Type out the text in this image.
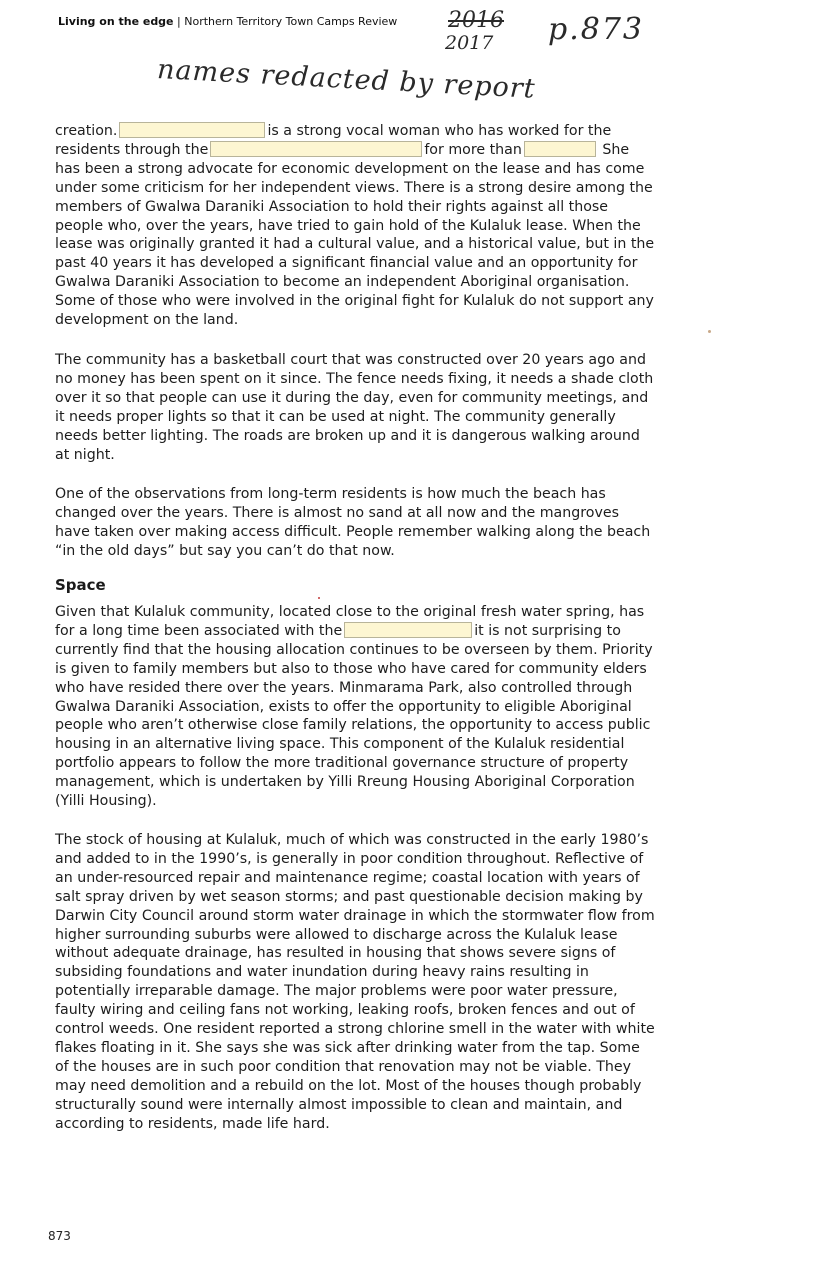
Living on the edge | Northern Territory Town Camps Review 2016
2017 p.873
names redacted by report

creation.	is a strong vocal woman who has worked for the residents through the	for more than	She has been a strong advocate for economic development on the lease and has come under some criticism for her independent views. There is a strong desire among the members of Gwalwa Daraniki Association to hold their rights against all those people who, over the years, have tried to gain hold of the Kulaluk lease. When the lease was originally granted it had a cultural value, and a historical value, but in the past 40 years it has developed a significant financial value and an opportunity for Gwalwa Daraniki Association to become an independent Aboriginal organisation. Some of those who were involved in the original fight for Kulaluk do not support any development on the land.

The community has a basketball court that was constructed over 20 years ago and no money has been spent on it since. The fence needs fixing, it needs a shade cloth over it so that people can use it during the day, even for community meetings, and it needs proper lights so that it can be used at night. The community generally needs better lighting. The roads are broken up and it is dangerous walking around at night.

One of the observations from long-term residents is how much the beach has changed over the years. There is almost no sand at all now and the mangroves have taken over making access difficult. People remember walking along the beach “in the old days” but say you can’t do that now.

Space

Given that Kulaluk community, located close to the original fresh water spring, has for a long time been associated with the	it is not surprising to currently find that the housing allocation continues to be overseen by them. Priority is given to family members but also to those who have cared for community elders who have resided there over the years. Minmarama Park, also controlled through Gwalwa Daraniki Association, exists to offer the opportunity to eligible Aboriginal people who aren’t otherwise close family relations, the opportunity to access public housing in an alternative living space. This component of the Kulaluk residential portfolio appears to follow the more traditional governance structure of property management, which is undertaken by Yilli Rreung Housing Aboriginal Corporation (Yilli Housing).

The stock of housing at Kulaluk, much of which was constructed in the early 1980’s and added to in the 1990’s, is generally in poor condition throughout. Reflective of an under-resourced repair and maintenance regime; coastal location with years of salt spray driven by wet season storms; and past questionable decision making by Darwin City Council around storm water drainage in which the stormwater flow from higher surrounding suburbs were allowed to discharge across the Kulaluk lease without adequate drainage, has resulted in housing that shows severe signs of subsiding foundations and water inundation during heavy rains resulting in potentially irreparable damage. The major problems were poor water pressure, faulty wiring and ceiling fans not working, leaking roofs, broken fences and out of control weeds. One resident reported a strong chlorine smell in the water with white flakes floating in it. She says she was sick after drinking water from the tap. Some of the houses are in such poor condition that renovation may not be viable. They may need demolition and a rebuild on the lot. Most of the houses though probably structurally sound were internally almost impossible to clean and maintain, and according to residents, made life hard.

873
